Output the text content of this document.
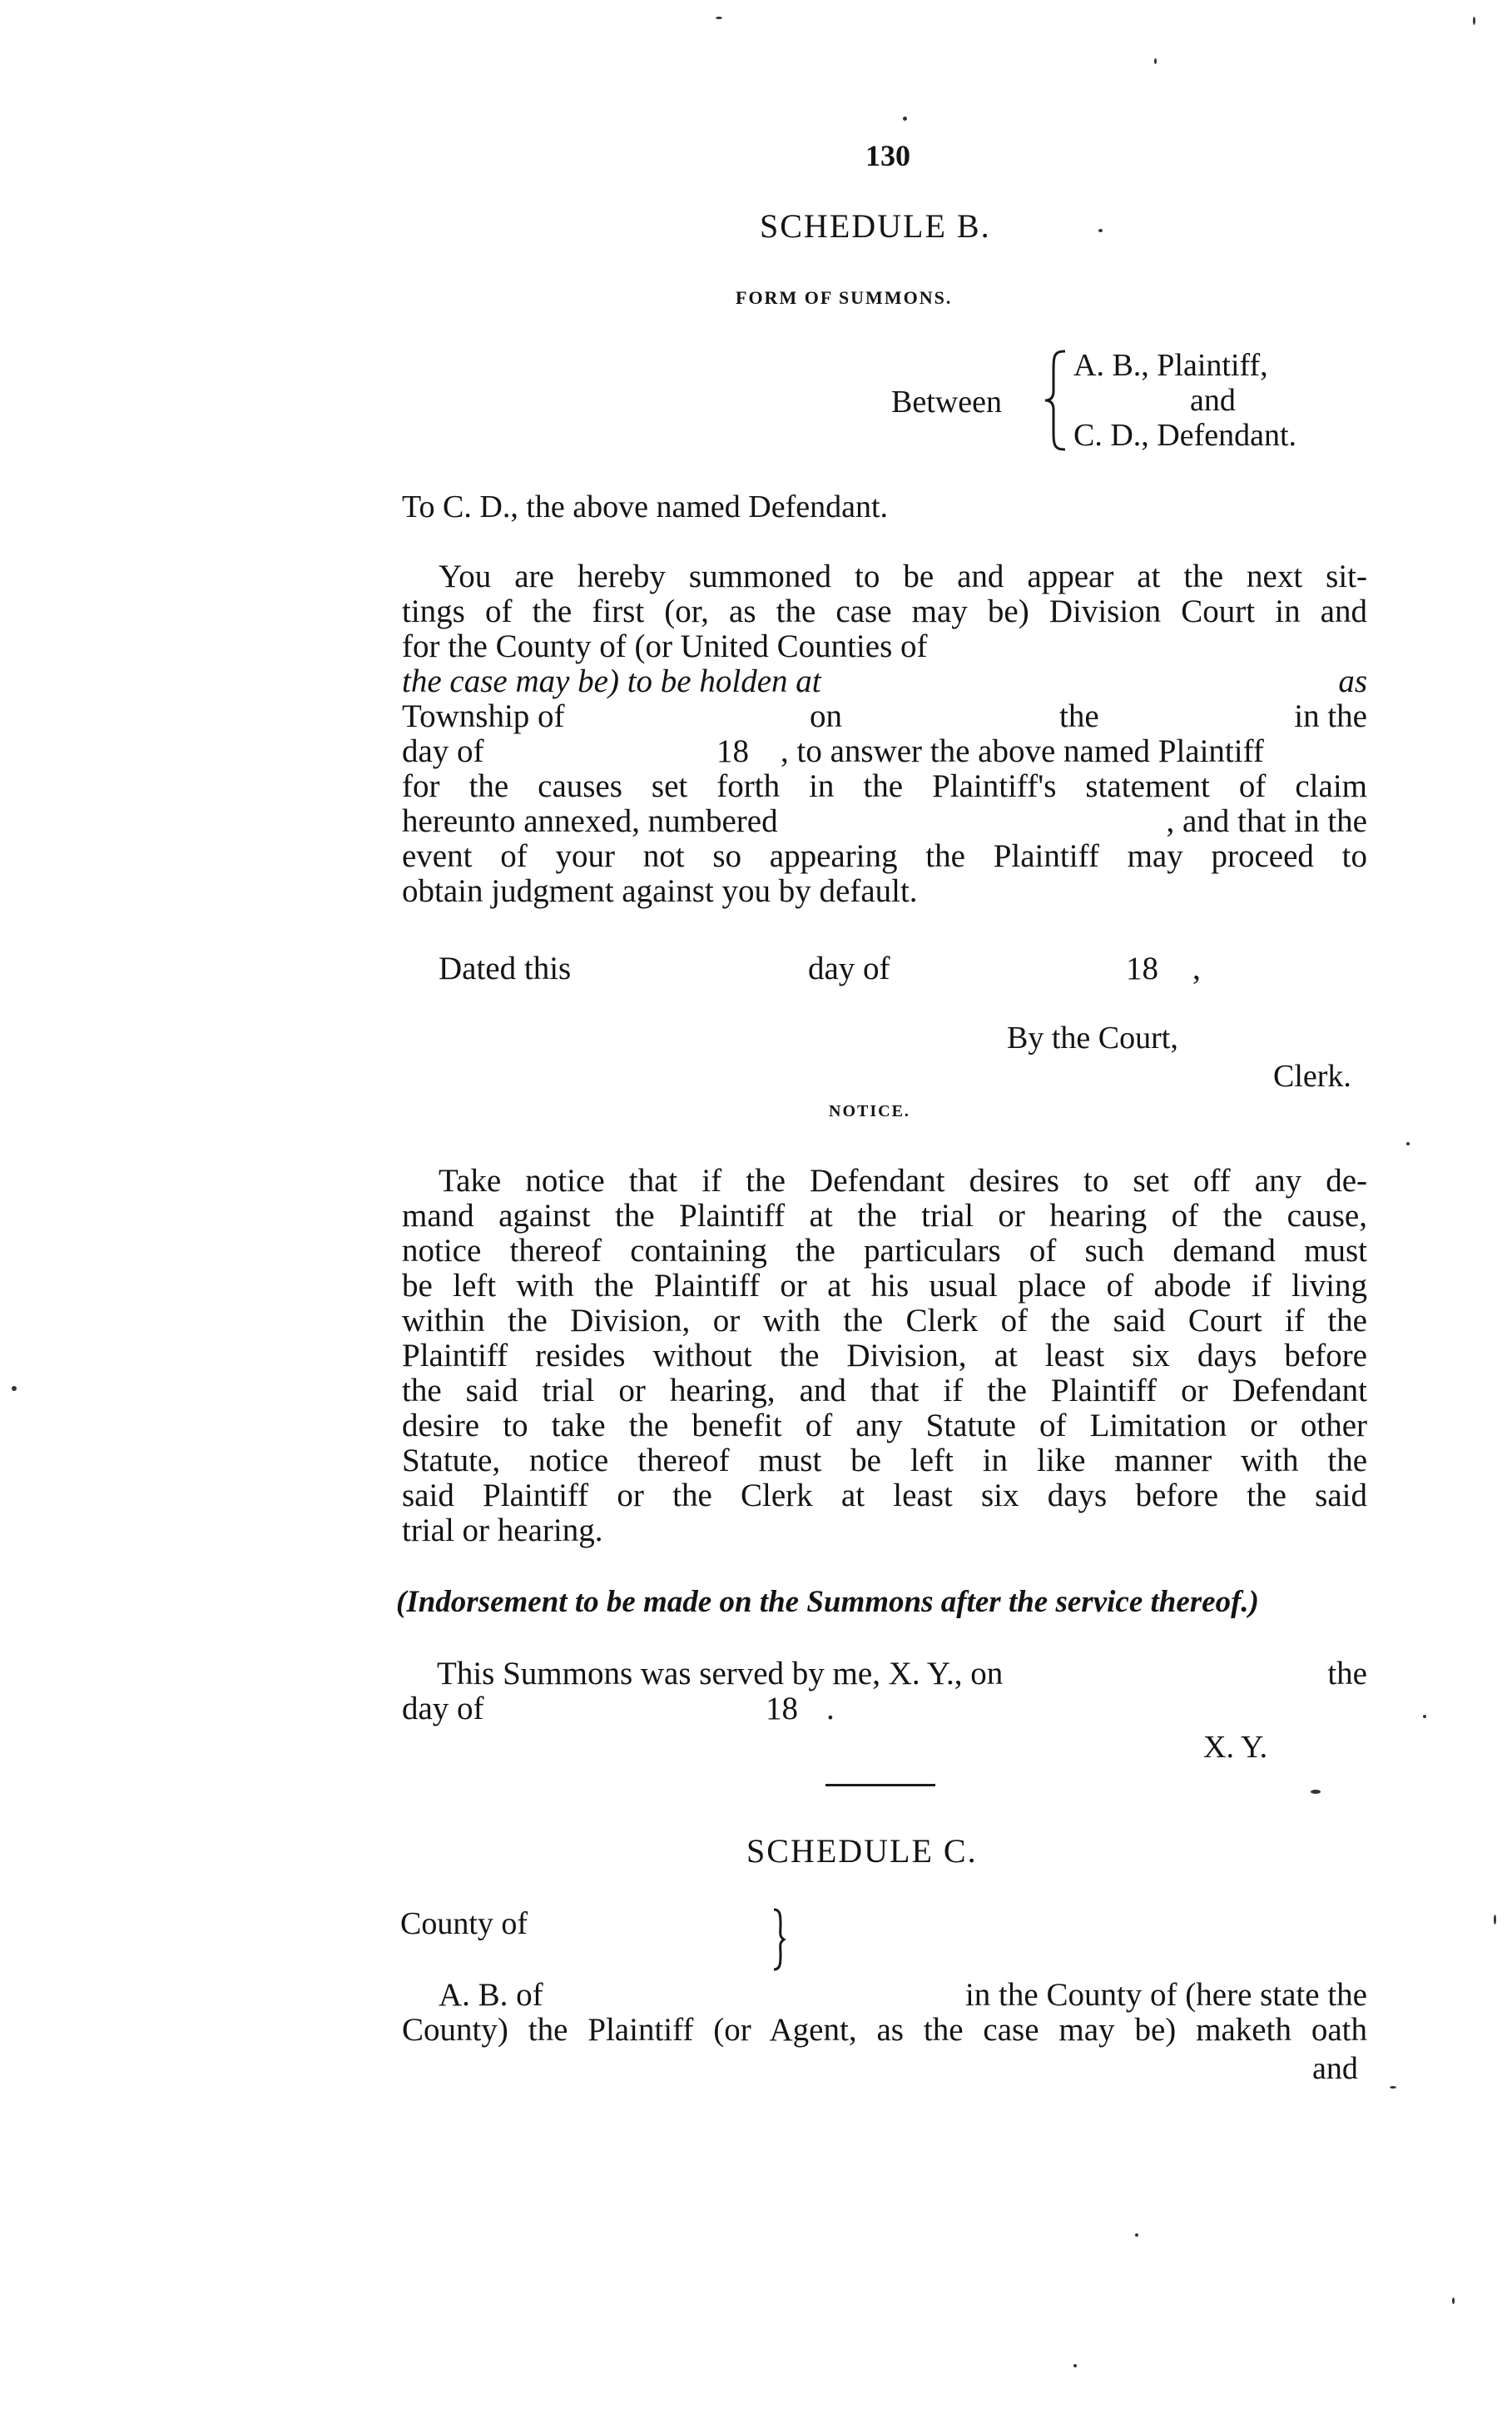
130
SCHEDULE B.
FORM OF SUMMONS.
Between
A. B., Plaintiff,
and
C. D., Defendant.
To C. D., the above named Defendant.
You are hereby summoned to be and appear at the next sit-
tings of the first (or, as the case may be) Division Court in and
for the County of (or United Counties of
as
the case may be) to be holden at
in the
Township of	on	the
day of	18 , to answer the above named Plaintiff
for the causes set forth in the Plaintiff's statement of claim
hereunto annexed, numbered	, and that in the
event of your not so appearing the Plaintiff may proceed to
obtain judgment against you by default.
Dated this	day of	18 ,
By the Court,
Clerk.
NOTICE.
Take notice that if the Defendant desires to set off any de-
mand against the Plaintiff at the trial or hearing of the cause,
notice thereof containing the particulars of such demand must
be left with the Plaintiff or at his usual place of abode if living
within the Division, or with the Clerk of the said Court if the
Plaintiff resides without the Division, at least six days before
the said trial or hearing, and that if the Plaintiff or Defendant
desire to take the benefit of any Statute of Limitation or other
Statute, notice thereof must be left in like manner with the
said Plaintiff or the Clerk at least six days before the said
trial or hearing.
(Indorsement to be made on the Summons after the service thereof.)
This Summons was served by me, X. Y., on	the
day of	18 .
X. Y.
SCHEDULE C.
County of
A. B. of	in the County of (here state the
County) the Plaintiff (or Agent, as the case may be) maketh oath
and
